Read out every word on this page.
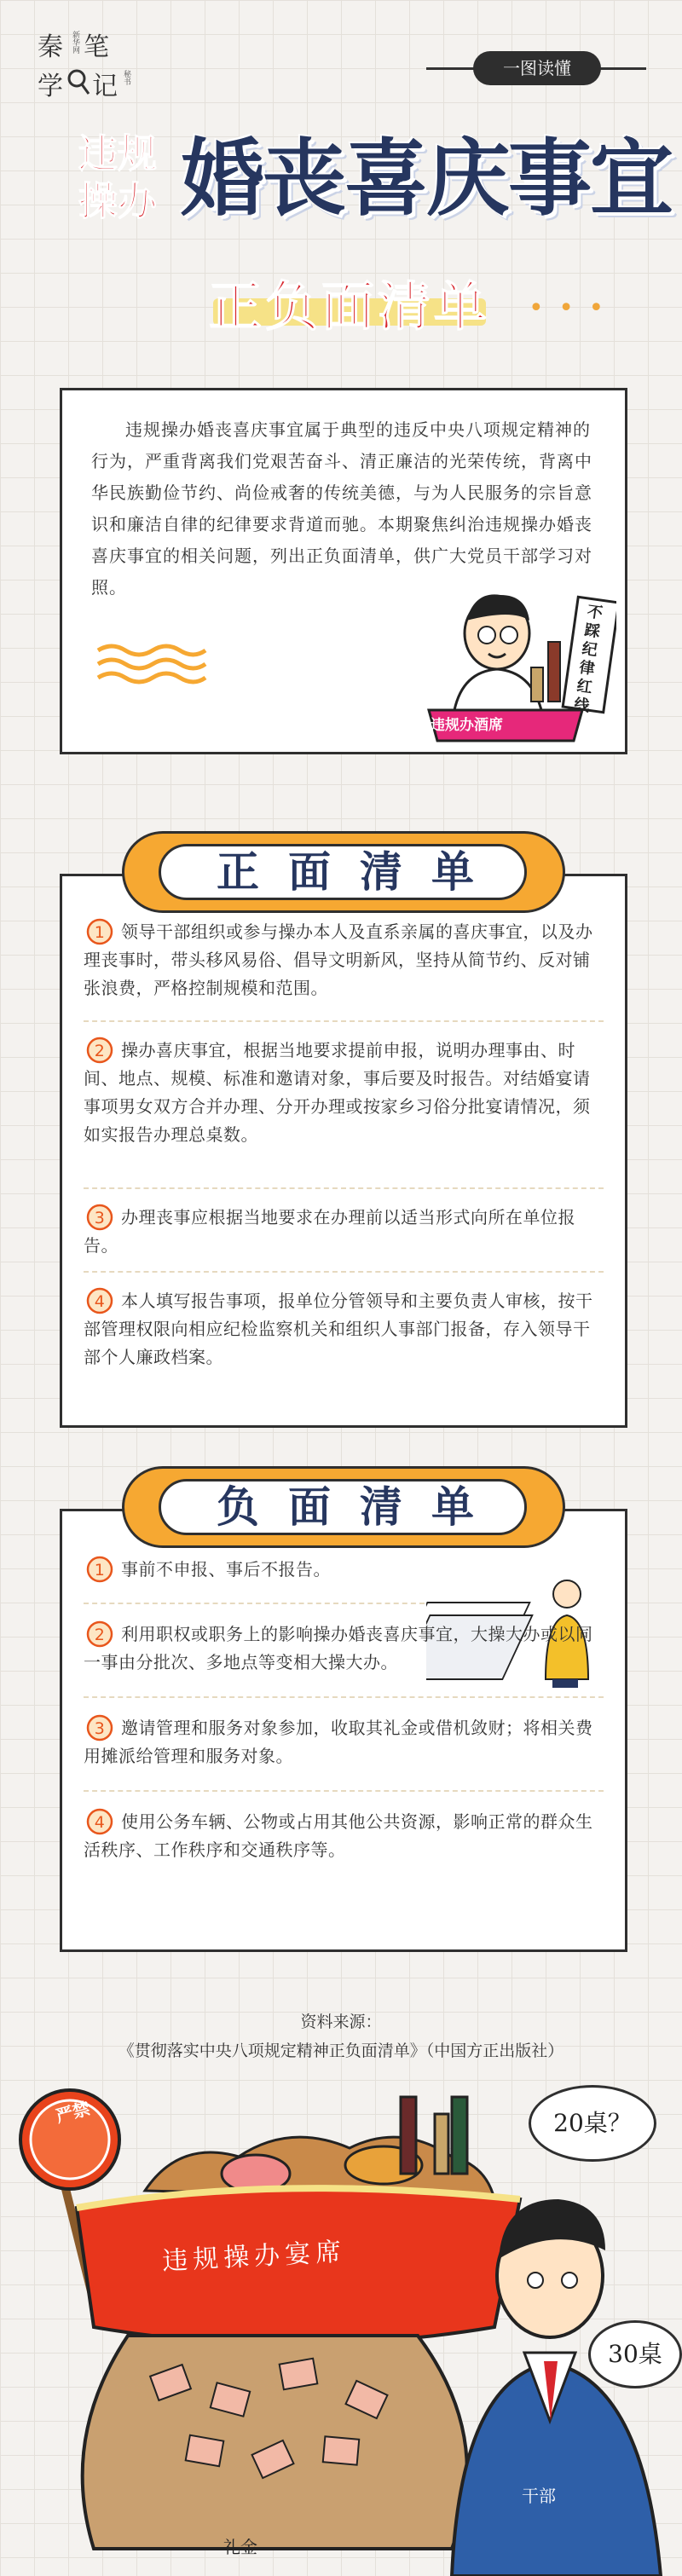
秦 笔
新华网
学 记 秘书	一图读懂
违规
操办 婚丧喜庆事宜
正负面清单	• • •

违规操办婚丧喜庆事宜属于典型的违反中央八项规定精神的行为，严重背离我们党艰苦奋斗、清正廉洁的光荣传统，背离中华民族勤俭节约、尚俭戒奢的传统美德，与为人民服务的宗旨意识和廉洁自律的纪律要求背道而驰。本期聚焦纠治违规操办婚丧喜庆事宜的相关问题，列出正负面清单，供广大党员干部学习对照。

违规办酒席
不踩纪律红线
正面清单
1 领导干部组织或参与操办本人及直系亲属的喜庆事宜，以及办理丧事时，带头移风易俗、倡导文明新风，坚持从简节约、反对铺张浪费，严格控制规模和范围。
2 操办喜庆事宜，根据当地要求提前申报，说明办理事由、时间、地点、规模、标准和邀请对象，事后要及时报告。对结婚宴请事项男女双方合并办理、分开办理或按家乡习俗分批宴请情况，须如实报告办理总桌数。
3 办理丧事应根据当地要求在办理前以适当形式向所在单位报告。
4 本人填写报告事项，报单位分管领导和主要负责人审核，按干部管理权限向相应纪检监察机关和组织人事部门报备，存入领导干部个人廉政档案。
负面清单
1 事前不申报、事后不报告。
2 利用职权或职务上的影响操办婚丧喜庆事宜，大操大办或以同一事由分批次、多地点等变相大操大办。
3 邀请管理和服务对象参加，收取其礼金或借机敛财；将相关费用摊派给管理和服务对象。
4 使用公务车辆、公物或占用其他公共资源，影响正常的群众生活秩序、工作秩序和交通秩序等。
资料来源：
《贯彻落实中央八项规定精神正负面清单》（中国方正出版社）
严禁
违规操办宴席
20桌？
30桌
干部
礼金
